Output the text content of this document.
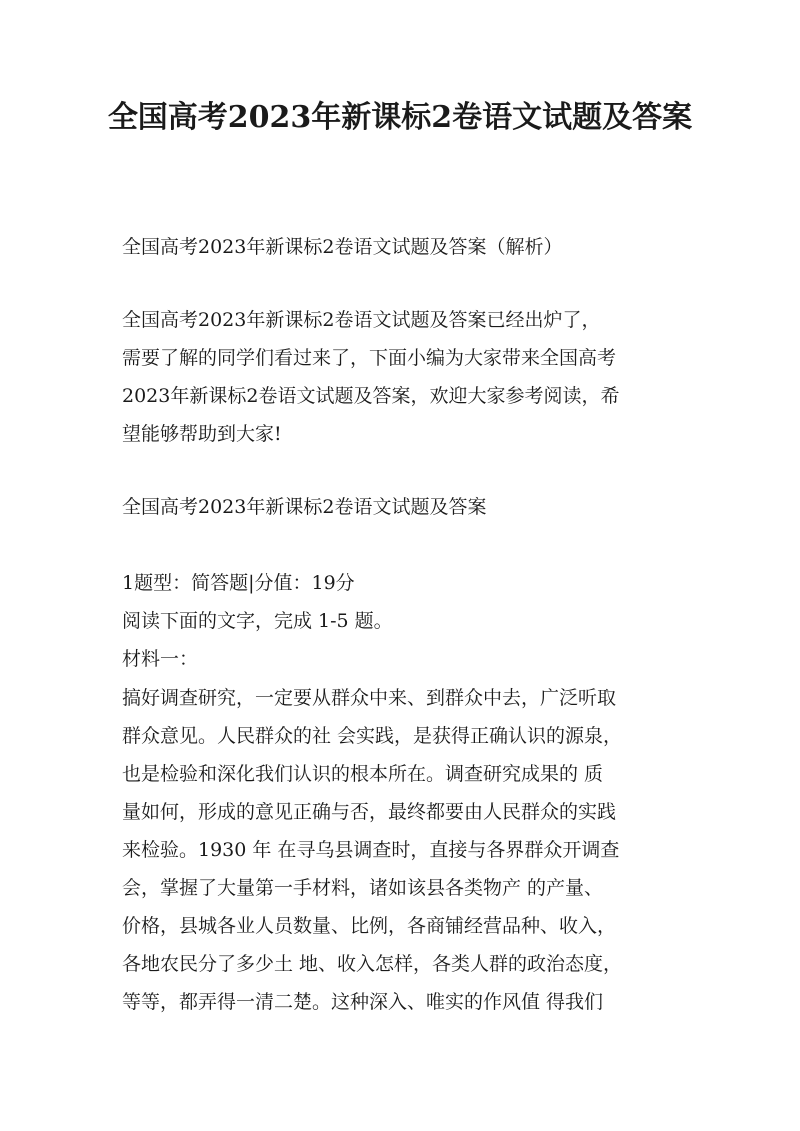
全国高考2023年新课标2卷语文试题及答案

全国高考2023年新课标2卷语文试题及答案（解析）

全国高考2023年新课标2卷语文试题及答案已经出炉了，

需要了解的同学们看过来了，下面小编为大家带来全国高考

2023年新课标2卷语文试题及答案，欢迎大家参考阅读，希

望能够帮助到大家!

全国高考2023年新课标2卷语文试题及答案

1题型：简答题|分值：19分

阅读下面的文字，完成 1-5 题。

材料一：

搞好调查研究，一定要从群众中来、到群众中去，广泛听取

群众意见。人民群众的社 会实践，是获得正确认识的源泉，

也是检验和深化我们认识的根本所在。调查研究成果的 质

量如何，形成的意见正确与否，最终都要由人民群众的实践

来检验。1930 年 在寻乌县调查时，直接与各界群众开调查

会，掌握了大量第一手材料，诸如该县各类物产 的产量、

价格，县城各业人员数量、比例，各商铺经营品种、收入，

各地农民分了多少土 地、收入怎样，各类人群的政治态度，

等等，都弄得一清二楚。这种深入、唯实的作风值 得我们
